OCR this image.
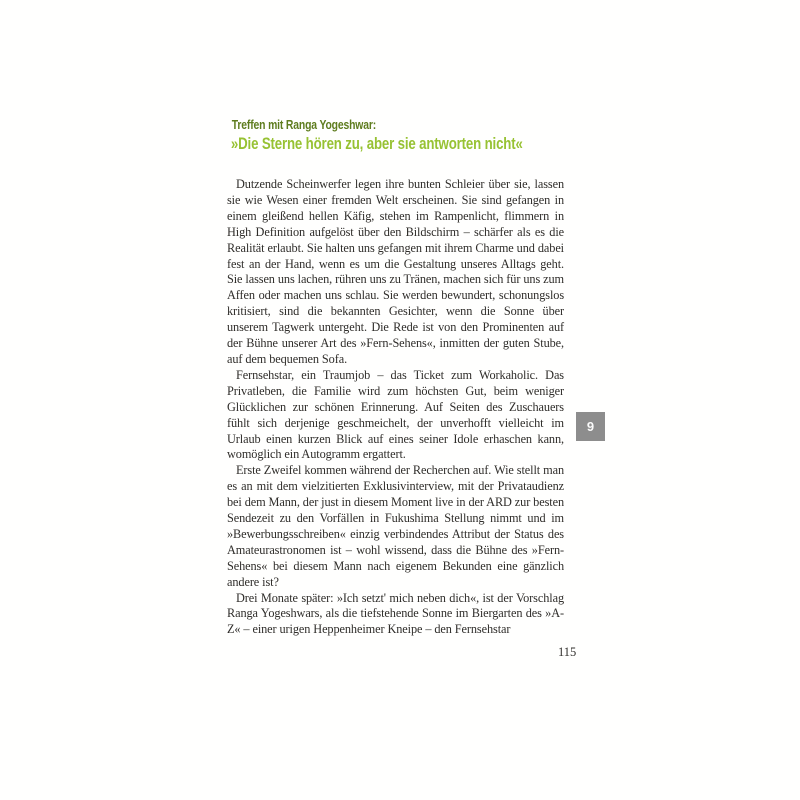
Treffen mit Ranga Yogeshwar:
»Die Sterne hören zu, aber sie antworten nicht«

Dutzende Scheinwerfer legen ihre bunten Schleier über sie, lassen sie wie Wesen einer fremden Welt erscheinen. Sie sind gefangen in einem gleißend hellen Käfig, stehen im Rampenlicht, flimmern in High Definition aufgelöst über den Bildschirm – schärfer als es die Realität erlaubt. Sie halten uns gefangen mit ihrem Charme und dabei fest an der Hand, wenn es um die Gestaltung unseres Alltags geht. Sie lassen uns lachen, rühren uns zu Tränen, machen sich für uns zum Affen oder machen uns schlau. Sie werden bewundert, schonungslos kritisiert, sind die bekannten Gesichter, wenn die Sonne über unserem Tagwerk untergeht. Die Rede ist von den Prominenten auf der Bühne unserer Art des »Fern-Sehens«, inmitten der guten Stube, auf dem bequemen Sofa.

Fernsehstar, ein Traumjob – das Ticket zum Workaholic. Das Privatleben, die Familie wird zum höchsten Gut, beim weniger Glücklichen zur schönen Erinnerung. Auf Seiten des Zuschauers fühlt sich derjenige geschmeichelt, der unverhofft vielleicht im Urlaub einen kurzen Blick auf eines seiner Idole erhaschen kann, womöglich ein Autogramm ergattert.

Erste Zweifel kommen während der Recherchen auf. Wie stellt man es an mit dem vielzitierten Exklusivinterview, mit der Privataudienz bei dem Mann, der just in diesem Moment live in der ARD zur besten Sendezeit zu den Vorfällen in Fukushima Stellung nimmt und im »Bewerbungsschreiben« einzig verbindendes Attribut der Status des Amateurastronomen ist – wohl wissend, dass die Bühne des »Fern-Sehens« bei diesem Mann nach eigenem Bekunden eine gänzlich andere ist?

Drei Monate später: »Ich setzt' mich neben dich«, ist der Vorschlag Ranga Yogeshwars, als die tiefstehende Sonne im Biergarten des »A-Z« – einer urigen Heppenheimer Kneipe – den Fernsehstar

9
115
